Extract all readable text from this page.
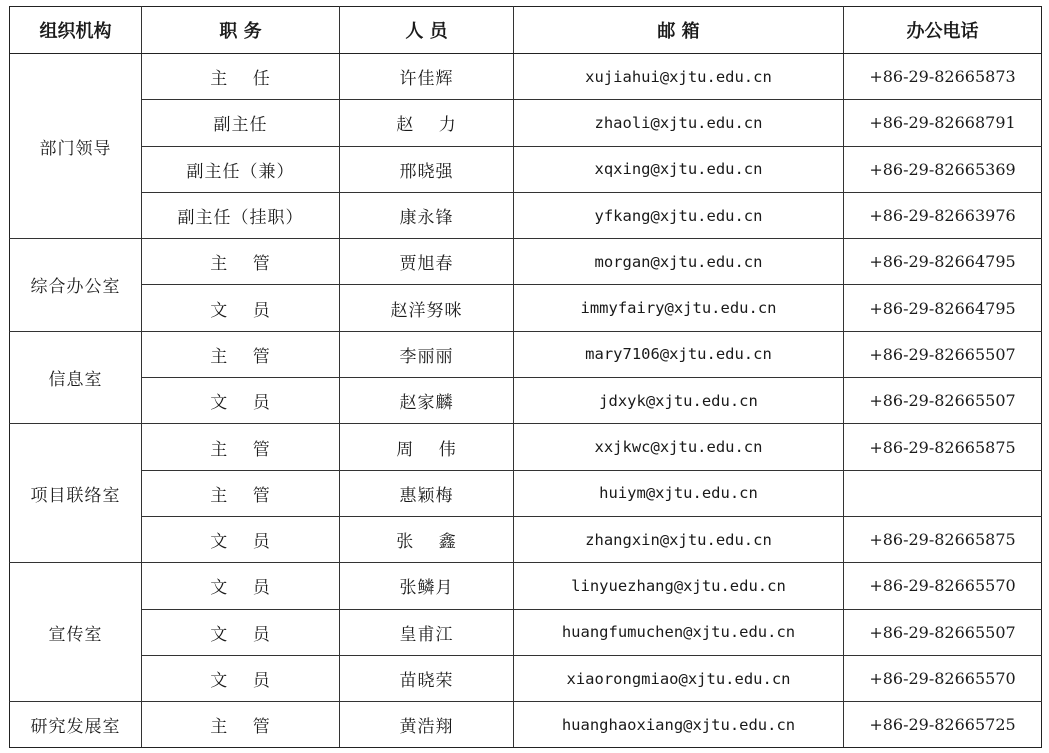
组织机构	职 务	人 员	邮 箱	办公电话
部门领导	主　 任	许佳辉	xujiahui@xjtu.edu.cn	+86-29-82665873
	副主任	赵　 力	zhaoli@xjtu.edu.cn	+86-29-82668791
	副主任（兼）	邢晓强	xqxing@xjtu.edu.cn	+86-29-82665369
	副主任（挂职）	康永锋	yfkang@xjtu.edu.cn	+86-29-82663976
综合办公室	主　 管	贾旭春	morgan@xjtu.edu.cn	+86-29-82664795
	文　 员	赵洋努咪	immyfairy@xjtu.edu.cn	+86-29-82664795
信息室	主　 管	李丽丽	mary7106@xjtu.edu.cn	+86-29-82665507
	文　 员	赵家麟	jdxyk@xjtu.edu.cn	+86-29-82665507
项目联络室	主　 管	周　 伟	xxjkwc@xjtu.edu.cn	+86-29-82665875
	主　 管	惠颖梅	huiym@xjtu.edu.cn	
	文　 员	张　 鑫	zhangxin@xjtu.edu.cn	+86-29-82665875
宣传室	文　 员	张鳞月	linyuezhang@xjtu.edu.cn	+86-29-82665570
	文　 员	皇甫江	huangfumuchen@xjtu.edu.cn	+86-29-82665507
	文　 员	苗晓荣	xiaorongmiao@xjtu.edu.cn	+86-29-82665570
研究发展室	主　 管	黄浩翔	huanghaoxiang@xjtu.edu.cn	+86-29-82665725
